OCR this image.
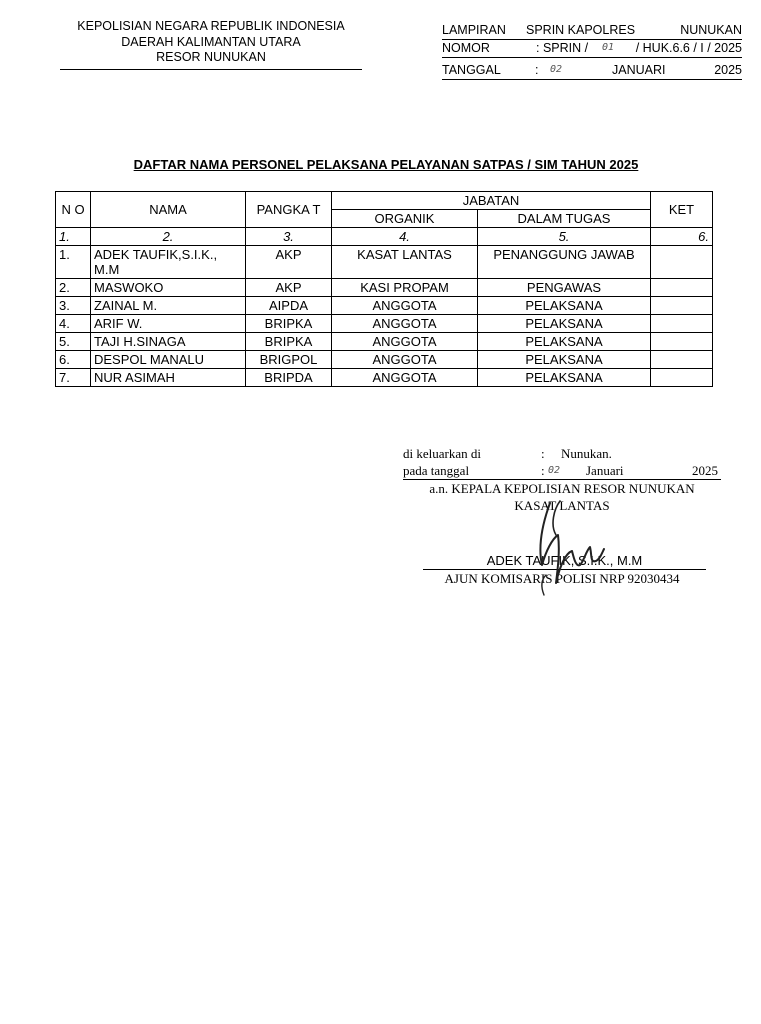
KEPOLISIAN NEGARA REPUBLIK INDONESIA
DAERAH KALIMANTAN UTARA
RESOR NUNUKAN
LAMPIRAN SPRIN KAPOLRES	NUNUKAN
NOMOR	: SPRIN / 01 / HUK.6.6 / I / 2025
TANGGAL	: 02	JANUARI	2025
DAFTAR NAMA PERSONEL PELAKSANA PELAYANAN SATPAS / SIM TAHUN 2025
N O	NAMA	PANGKA T	JABATAN		KET
			ORGANIK	DALAM TUGAS	
1.	2.	3.	4.	5.	6.
1.	ADEK TAUFIK,S.I.K., M.M	AKP	KASAT LANTAS	PENANGGUNG JAWAB	
2.	MASWOKO	AKP	KASI PROPAM	PENGAWAS	
3.	ZAINAL M.	AIPDA	ANGGOTA	PELAKSANA	
4.	ARIF W.	BRIPKA	ANGGOTA	PELAKSANA	
5.	TAJI H.SINAGA	BRIPKA	ANGGOTA	PELAKSANA	
6.	DESPOL MANALU	BRIGPOL	ANGGOTA	PELAKSANA	
7.	NUR ASIMAH	BRIPDA	ANGGOTA	PELAKSANA	
di keluarkan di	: Nunukan.
pada tanggal	: 02 Januari	2025
a.n. KEPALA KEPOLISIAN RESOR NUNUKAN
KASAT LANTAS
ADEK TAUFIK, S.I.K., M.M
AJUN KOMISARIS POLISI NRP 92030434
